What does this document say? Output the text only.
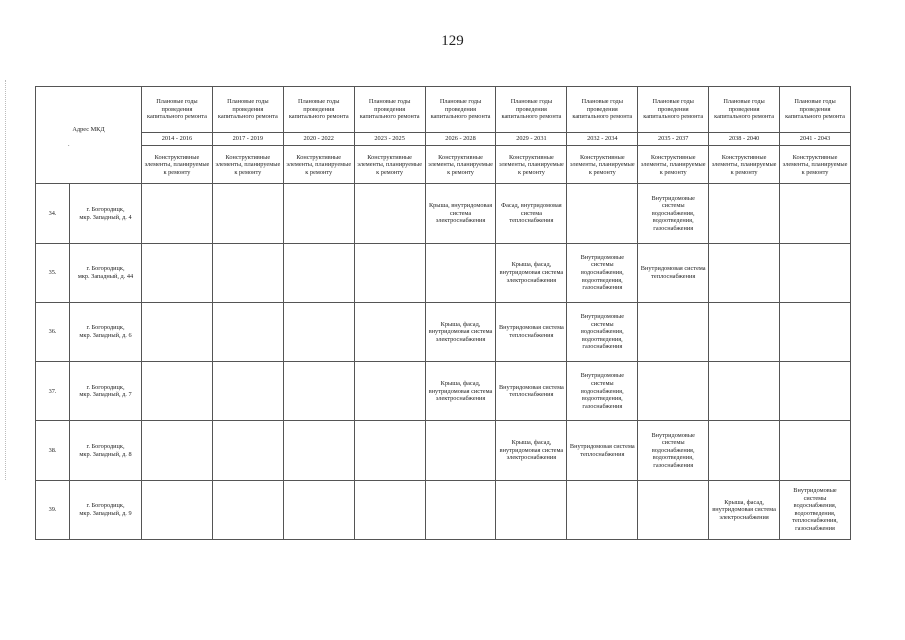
129
Адрес МКД
.		Плановые годы проведения капитального ремонта	Плановые годы проведения капитального ремонта	Плановые годы проведения капитального ремонта	Плановые годы проведения капитального ремонта	Плановые годы проведения капитального ремонта	Плановые годы проведения капитального ремонта	Плановые годы проведения капитального ремонта	Плановые годы проведения капитального ремонта	Плановые годы проведения капитального ремонта	Плановые годы проведения капитального ремонта
		2014 - 2016	2017 - 2019	2020 - 2022	2023 - 2025	2026 - 2028	2029 - 2031	2032 - 2034	2035 - 2037	2038 - 2040	2041 - 2043
		Конструктивные элементы, планируемые к ремонту	Конструктивные элементы, планируемые к ремонту	Конструктивные элементы, планируемые к ремонту	Конструктивные элементы, планируемые к ремонту	Конструктивные элементы, планируемые к ремонту	Конструктивные элементы, планируемые к ремонту	Конструктивные элементы, планируемые к ремонту	Конструктивные элементы, планируемые к ремонту	Конструктивные элементы, планируемые к ремонту	Конструктивные элементы, планируемые к ремонту
34.	г. Богородицк,
мкр. Западный, д. 4					Крыша, внутридомовая система электроснабжения	Фасад, внутридомовая система теплоснабжения		Внутридомовые системы водоснабжения, водоотведения, газоснабжения		
35.	г. Богородицк,
мкр. Западный, д. 44						Крыша, фасад, внутридомовая система электроснабжения	Внутридомовые системы водоснабжения, водоотведения, газоснабжения	Внутридомовая система теплоснабжения		
36.	г. Богородицк,
мкр. Западный, д. 6					Крыша, фасад, внутридомовая система электроснабжения	Внутридомовая система теплоснабжения	Внутридомовые системы водоснабжения, водоотведения, газоснабжения			
37.	г. Богородицк,
мкр. Западный, д. 7					Крыша, фасад, внутридомовая система электроснабжения	Внутридомовая система теплоснабжения	Внутридомовые системы водоснабжения, водоотведения, газоснабжения			
38.	г. Богородицк,
мкр. Западный, д. 8						Крыша, фасад, внутридомовая система электроснабжения	Внутридомовая система теплоснабжения	Внутридомовые системы водоснабжения, водоотведения, газоснабжения		
39.	г. Богородицк,
мкр. Западный, д. 9									Крыша, фасад, внутридомовая система электроснабжения	Внутридомовые системы водоснабжения, водоотведения, теплоснабжения, газоснабжения
